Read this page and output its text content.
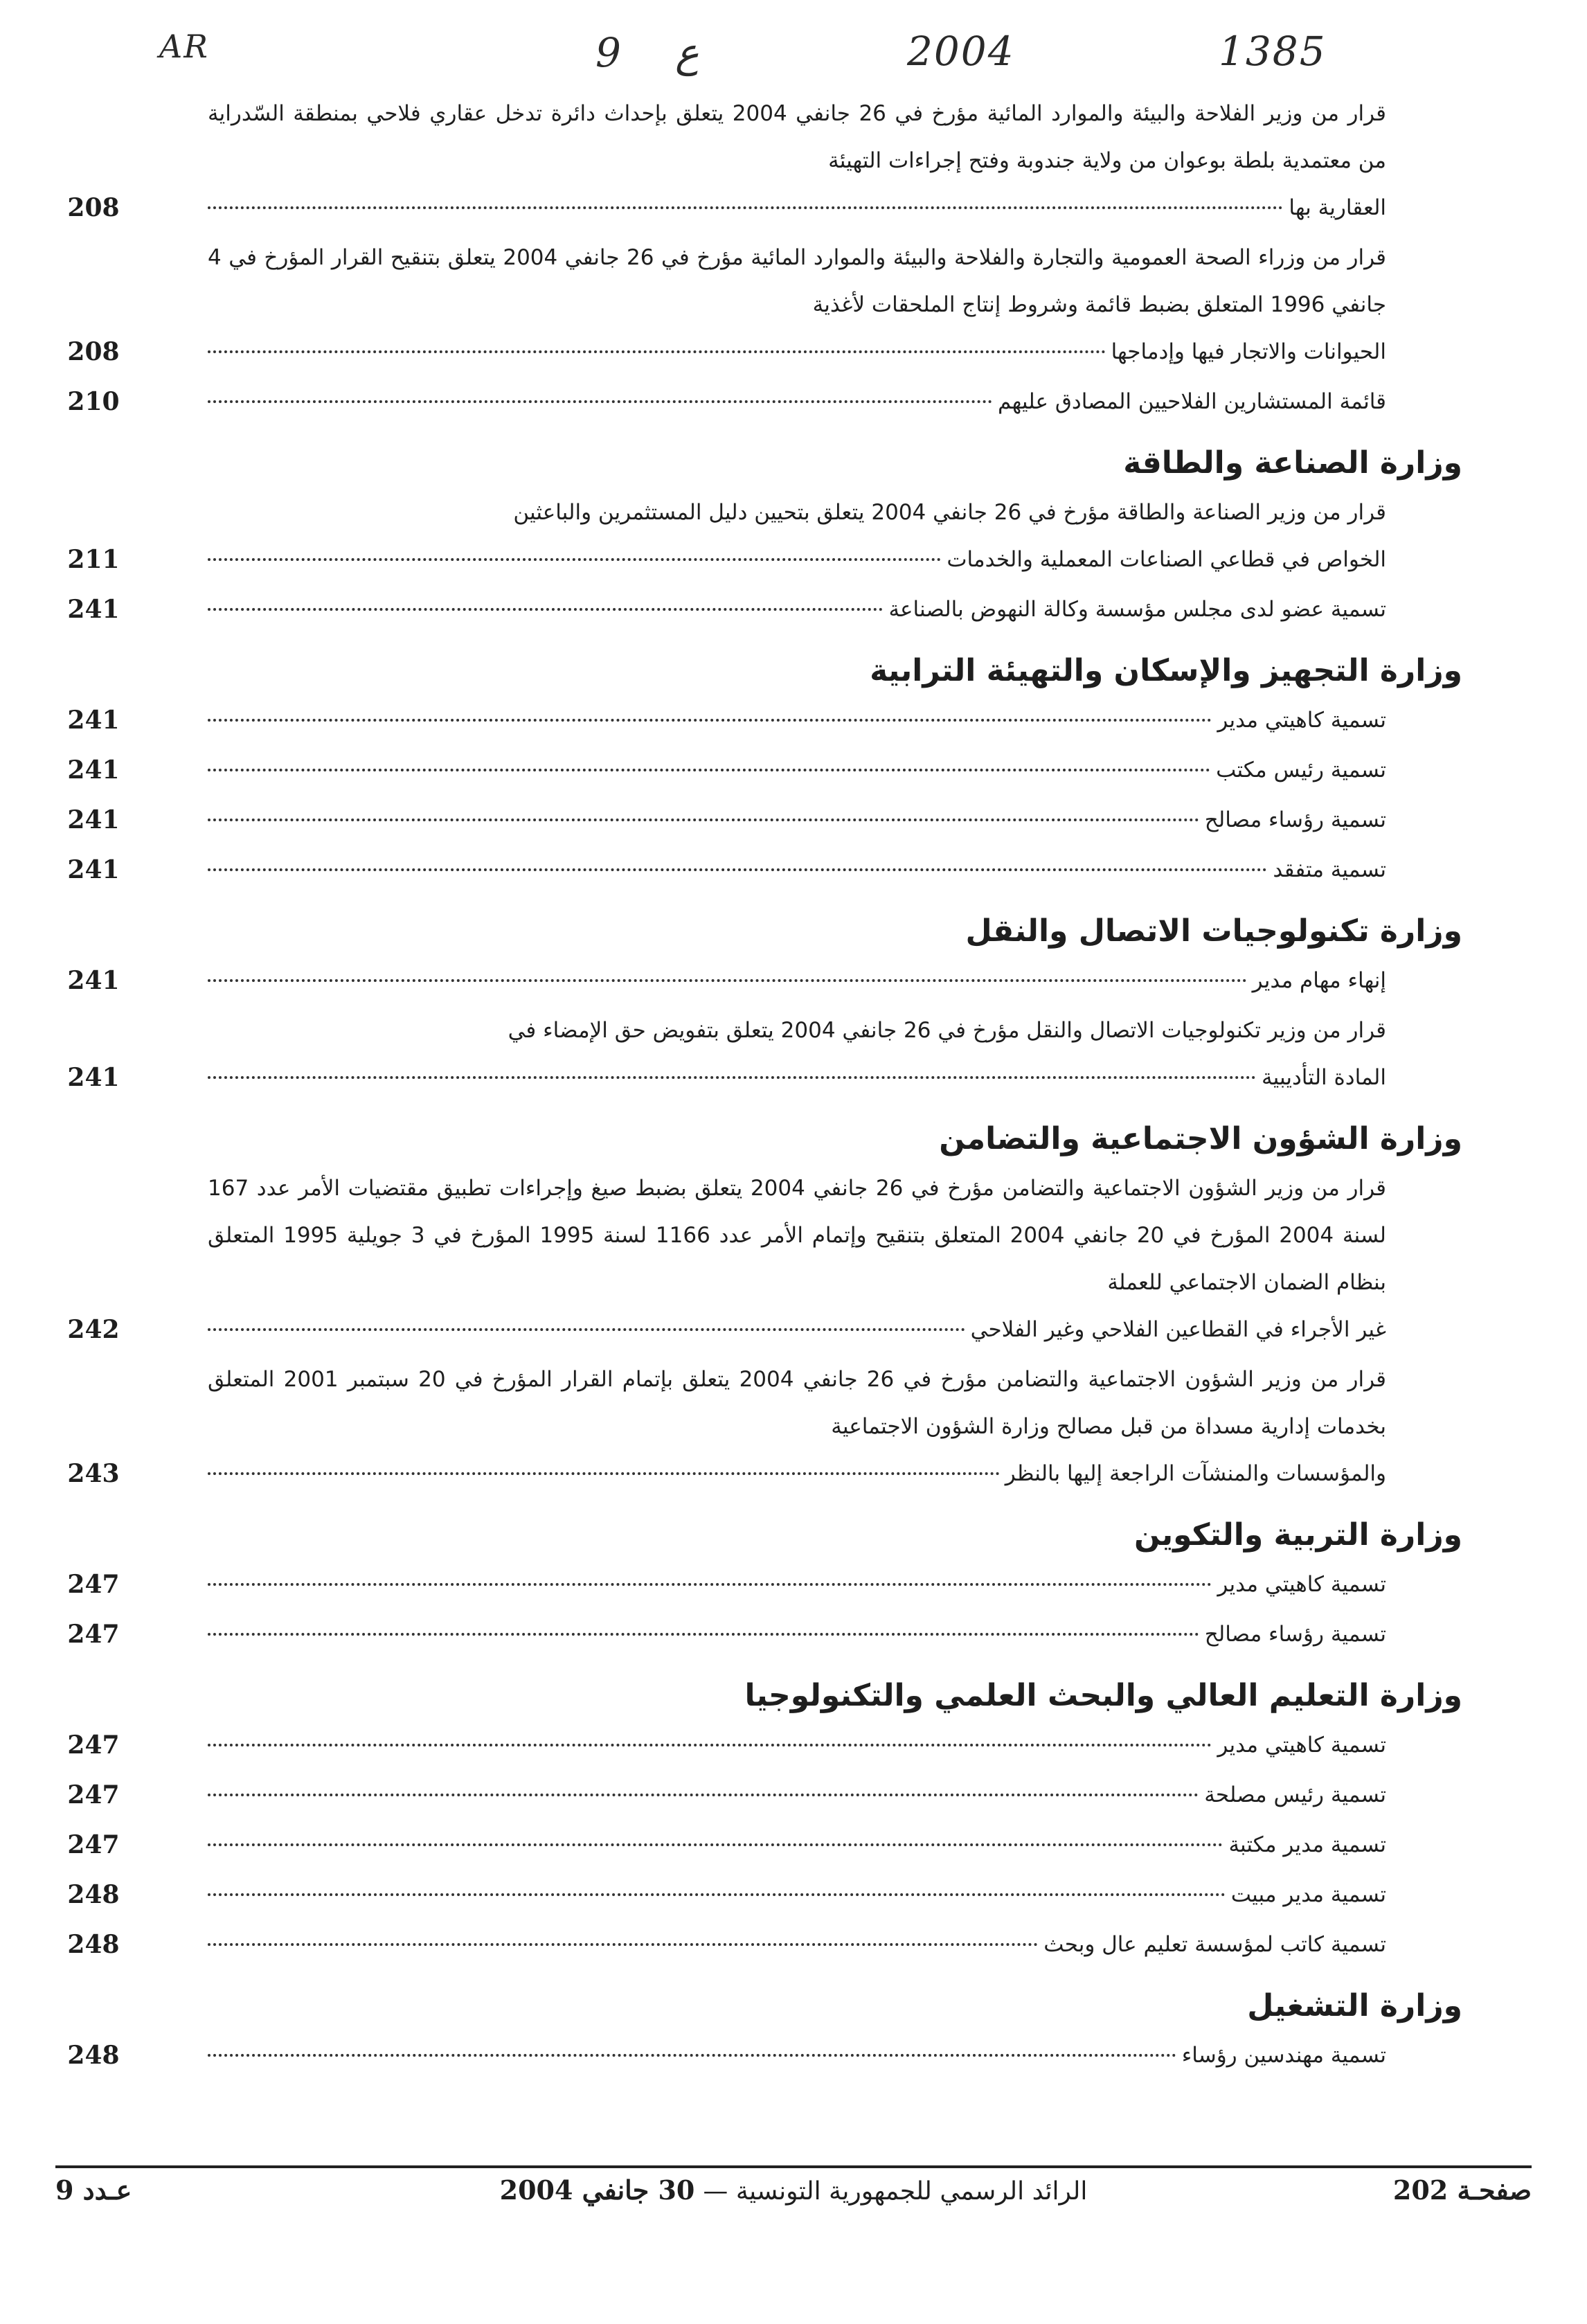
AR	9 ع	2004	1385
قرار من وزير الفلاحة والبيئة والموارد المائية مؤرخ في 26 جانفي 2004 يتعلق بإحداث دائرة تدخل عقاري فلاحي بمنطقة السّدراية من معتمدية بلطة بوعوان من ولاية جندوبة وفتح إجراءات التهيئة
العقارية بها
208
قرار من وزراء الصحة العمومية والتجارة والفلاحة والبيئة والموارد المائية مؤرخ في 26 جانفي 2004 يتعلق بتنقيح القرار المؤرخ في 4 جانفي 1996 المتعلق بضبط قائمة وشروط إنتاج الملحقات لأغذية
الحيوانات والاتجار فيها وإدماجها
208
قائمة المستشارين الفلاحيين المصادق عليهم
210
وزارة الصناعة والطاقة
قرار من وزير الصناعة والطاقة مؤرخ في 26 جانفي 2004 يتعلق بتحيين دليل المستثمرين والباعثين
الخواص في قطاعي الصناعات المعملية والخدمات
211
تسمية عضو لدى مجلس مؤسسة وكالة النهوض بالصناعة
241
وزارة التجهيز والإسكان والتهيئة الترابية
تسمية كاهيتي مدير
241
تسمية رئيس مكتب
241
تسمية رؤساء مصالح
241
تسمية متفقد
241
وزارة تكنولوجيات الاتصال والنقل
إنهاء مهام مدير
241
قرار من وزير تكنولوجيات الاتصال والنقل مؤرخ في 26 جانفي 2004 يتعلق بتفويض حق الإمضاء في
المادة التأديبية
241
وزارة الشؤون الاجتماعية والتضامن
قرار من وزير الشؤون الاجتماعية والتضامن مؤرخ في 26 جانفي 2004 يتعلق بضبط صيغ وإجراءات تطبيق مقتضيات الأمر عدد 167 لسنة 2004 المؤرخ في 20 جانفي 2004 المتعلق بتنقيح وإتمام الأمر عدد 1166 لسنة 1995 المؤرخ في 3 جويلية 1995 المتعلق بنظام الضمان الاجتماعي للعملة
غير الأجراء في القطاعين الفلاحي وغير الفلاحي
242
قرار من وزير الشؤون الاجتماعية والتضامن مؤرخ في 26 جانفي 2004 يتعلق بإتمام القرار المؤرخ في 20 سبتمبر 2001 المتعلق بخدمات إدارية مسداة من قبل مصالح وزارة الشؤون الاجتماعية
والمؤسسات والمنشآت الراجعة إليها بالنظر
243
وزارة التربية والتكوين
تسمية كاهيتي مدير
247
تسمية رؤساء مصالح
247
وزارة التعليم العالي والبحث العلمي والتكنولوجيا
تسمية كاهيتي مدير
247
تسمية رئيس مصلحة
247
تسمية مدير مكتبة
247
تسمية مدير مبيت
248
تسمية كاتب لمؤسسة تعليم عال وبحث
248
وزارة التشغيل
تسمية مهندسين رؤساء
248
صفحـة 202
الرائد الرسمي للجمهورية التونسية — 30 جانفي 2004
عـدد 9
